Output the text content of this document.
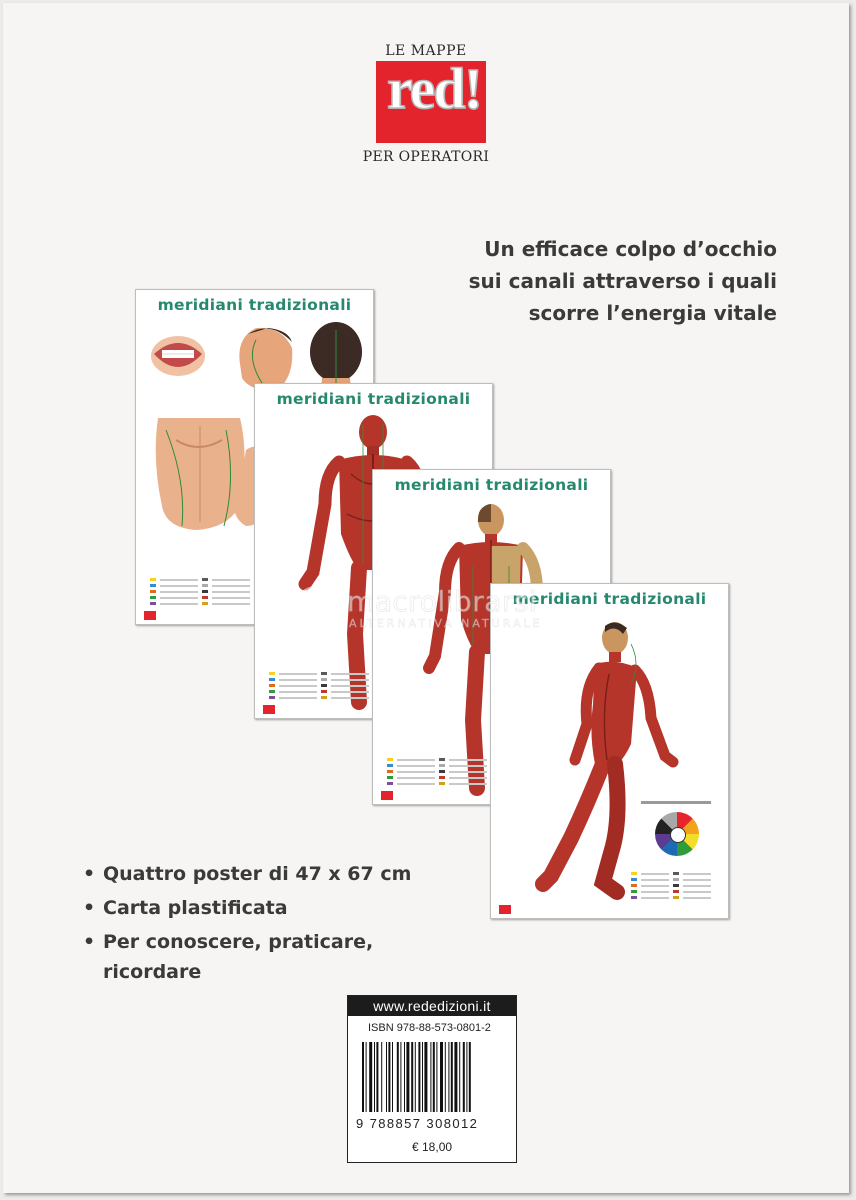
LE MAPPE
red!
PER OPERATORI
Un efficace colpo d’occhio
sui canali attraverso i quali
scorre l’energia vitale
meridiani tradizionali
meridiani tradizionali
meridiani tradizionali
meridiani tradizionali
macrolibrarsi
ALTERNATIVA NATURALE
• Quattro poster di 47 x 67 cm
• Carta plastificata
• Per conoscere, praticare, ricordare
www.rededizioni.it
ISBN 978-88-573-0801-2
9 788857 308012
€ 18,00
